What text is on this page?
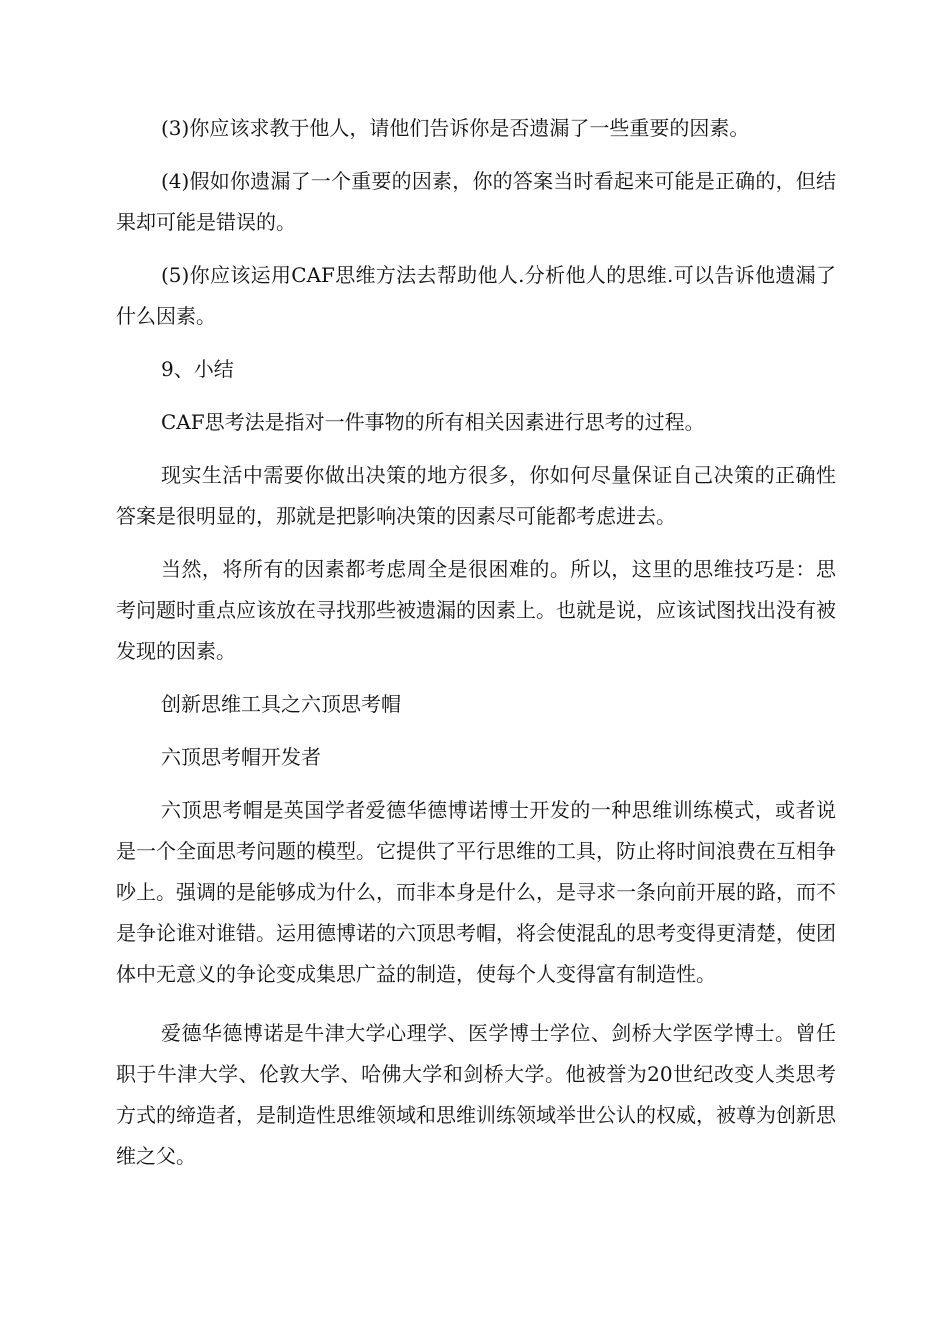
(3)你应该求教于他人，请他们告诉你是否遗漏了一些重要的因素。

(4)假如你遗漏了一个重要的因素，你的答案当时看起来可能是正确的，但结果却可能是错误的。

(5)你应该运用CAF思维方法去帮助他人.分析他人的思维.可以告诉他遗漏了什么因素。

9、小结

CAF思考法是指对一件事物的所有相关因素进行思考的过程。

现实生活中需要你做出决策的地方很多，你如何尽量保证自己决策的正确性答案是很明显的，那就是把影响决策的因素尽可能都考虑进去。

当然，将所有的因素都考虑周全是很困难的。所以，这里的思维技巧是：思考问题时重点应该放在寻找那些被遗漏的因素上。也就是说，应该试图找出没有被发现的因素。

创新思维工具之六顶思考帽

六顶思考帽开发者

六顶思考帽是英国学者爱德华德博诺博士开发的一种思维训练模式，或者说是一个全面思考问题的模型。它提供了平行思维的工具，防止将时间浪费在互相争吵上。强调的是能够成为什么，而非本身是什么，是寻求一条向前开展的路，而不是争论谁对谁错。运用德博诺的六顶思考帽，将会使混乱的思考变得更清楚，使团体中无意义的争论变成集思广益的制造，使每个人变得富有制造性。

爱德华德博诺是牛津大学心理学、医学博士学位、剑桥大学医学博士。曾任职于牛津大学、伦敦大学、哈佛大学和剑桥大学。他被誉为20世纪改变人类思考方式的缔造者，是制造性思维领域和思维训练领域举世公认的权威，被尊为创新思维之父。
